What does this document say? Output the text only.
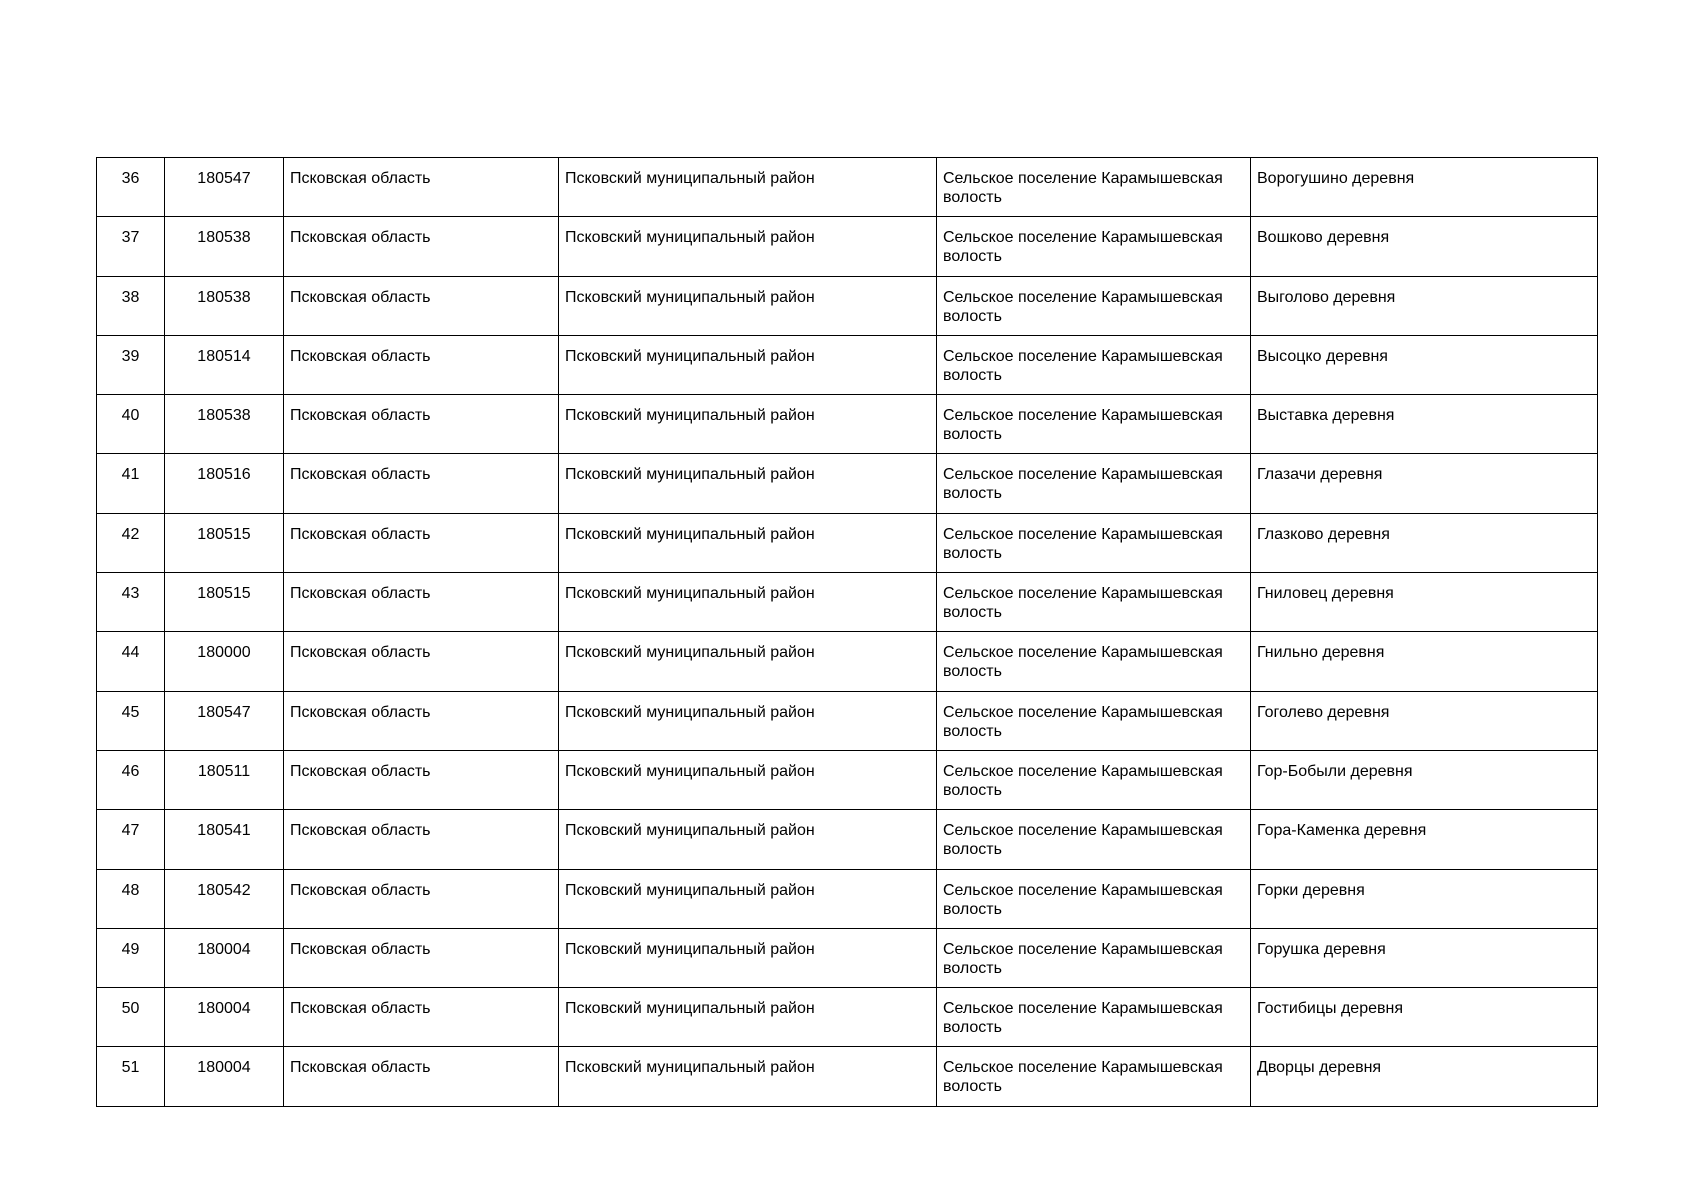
36	180547	Псковская область	Псковский муниципальный район	Сельское поселение Карамышевская волость	Ворогушино деревня
37	180538	Псковская область	Псковский муниципальный район	Сельское поселение Карамышевская волость	Вошково деревня
38	180538	Псковская область	Псковский муниципальный район	Сельское поселение Карамышевская волость	Выголово деревня
39	180514	Псковская область	Псковский муниципальный район	Сельское поселение Карамышевская волость	Высоцко деревня
40	180538	Псковская область	Псковский муниципальный район	Сельское поселение Карамышевская волость	Выставка деревня
41	180516	Псковская область	Псковский муниципальный район	Сельское поселение Карамышевская волость	Глазачи деревня
42	180515	Псковская область	Псковский муниципальный район	Сельское поселение Карамышевская волость	Глазково деревня
43	180515	Псковская область	Псковский муниципальный район	Сельское поселение Карамышевская волость	Гниловец деревня
44	180000	Псковская область	Псковский муниципальный район	Сельское поселение Карамышевская волость	Гнильно деревня
45	180547	Псковская область	Псковский муниципальный район	Сельское поселение Карамышевская волость	Гоголево деревня
46	180511	Псковская область	Псковский муниципальный район	Сельское поселение Карамышевская волость	Гор-Бобыли деревня
47	180541	Псковская область	Псковский муниципальный район	Сельское поселение Карамышевская волость	Гора-Каменка деревня
48	180542	Псковская область	Псковский муниципальный район	Сельское поселение Карамышевская волость	Горки деревня
49	180004	Псковская область	Псковский муниципальный район	Сельское поселение Карамышевская волость	Горушка деревня
50	180004	Псковская область	Псковский муниципальный район	Сельское поселение Карамышевская волость	Гостибицы деревня
51	180004	Псковская область	Псковский муниципальный район	Сельское поселение Карамышевская волость	Дворцы деревня
